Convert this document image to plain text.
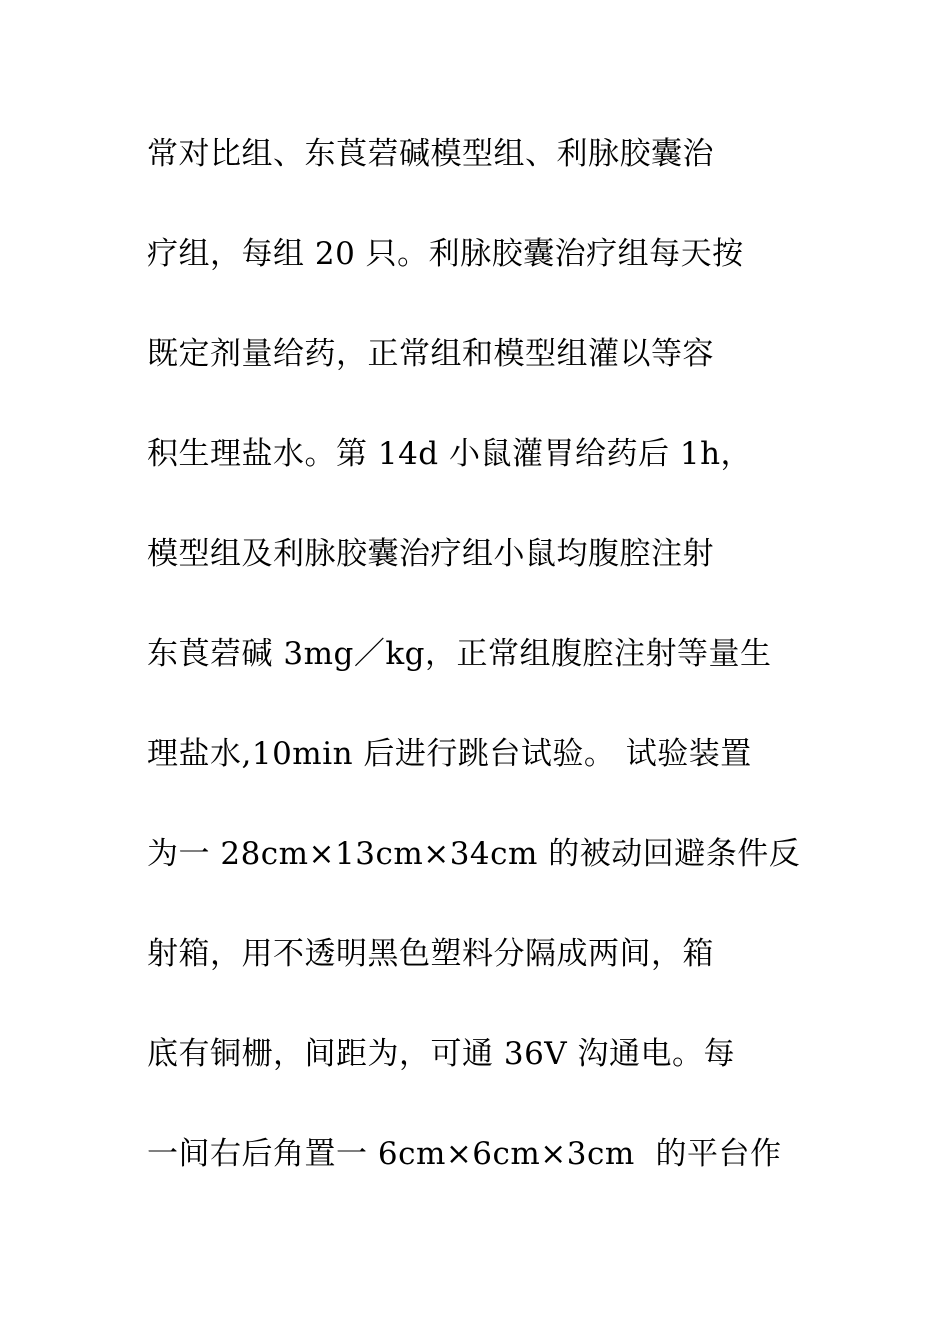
常对比组、东莨菪碱模型组、利脉胶囊治
疗组，每组 20 只。利脉胶囊治疗组每天按
既定剂量给药，正常组和模型组灌以等容
积生理盐水。第 14d 小鼠灌胃给药后 1h，
模型组及利脉胶囊治疗组小鼠均腹腔注射
东莨菪碱 3mg／kg，正常组腹腔注射等量生
理盐水,10min 后进行跳台试验。 试验装置
为一 28cm×13cm×34cm 的被动回避条件反
射箱，用不透明黑色塑料分隔成两间，箱
底有铜栅，间距为，可通 36V 沟通电。每
一间右后角置一 6cm×6cm×3cm  的平台作
